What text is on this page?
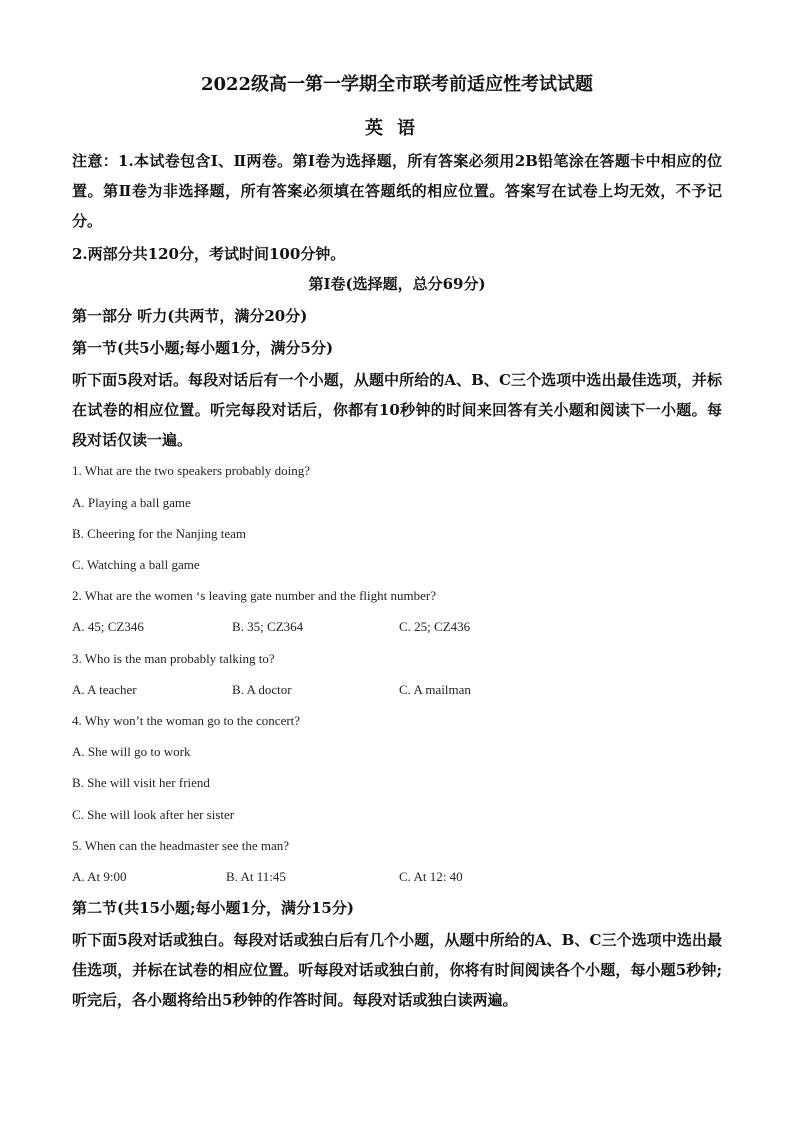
2022级高一第一学期全市联考前适应性考试试题
英语
注意：1.本试卷包含Ⅰ、Ⅱ两卷。第Ⅰ卷为选择题，所有答案必须用2B铅笔涂在答题卡中相应的位置。第Ⅱ卷为非选择题，所有答案必须填在答题纸的相应位置。答案写在试卷上均无效，不予记分。
2.两部分共120分，考试时间100分钟。
第Ⅰ卷(选择题，总分69分)
第一部分 听力(共两节，满分20分)
第一节(共5小题;每小题1分，满分5分)
听下面5段对话。每段对话后有一个小题，从题中所给的A、B、C三个选项中选出最佳选项，并标在试卷的相应位置。听完每段对话后，你都有10秒钟的时间来回答有关小题和阅读下一小题。每段对话仅读一遍。
1. What are the two speakers probably doing?
A. Playing a ball game
B. Cheering for the Nanjing team
C. Watching a ball game
2. What are the women ‘s leaving gate number and the flight number?
A. 45; CZ346	B. 35; CZ364	C. 25; CZ436
3. Who is the man probably talking to?
A. A teacher	B. A doctor	C. A mailman
4. Why won’t the woman go to the concert?
A. She will go to work
B. She will visit her friend
C. She will look after her sister
5. When can the headmaster see the man?
A. At 9:00	B. At 11:45	C. At 12: 40
第二节(共15小题;每小题1分，满分15分)
听下面5段对话或独白。每段对话或独白后有几个小题，从题中所给的A、B、C三个选项中选出最佳选项，并标在试卷的相应位置。听每段对话或独白前，你将有时间阅读各个小题，每小题5秒钟;听完后，各小题将给出5秒钟的作答时间。每段对话或独白读两遍。
